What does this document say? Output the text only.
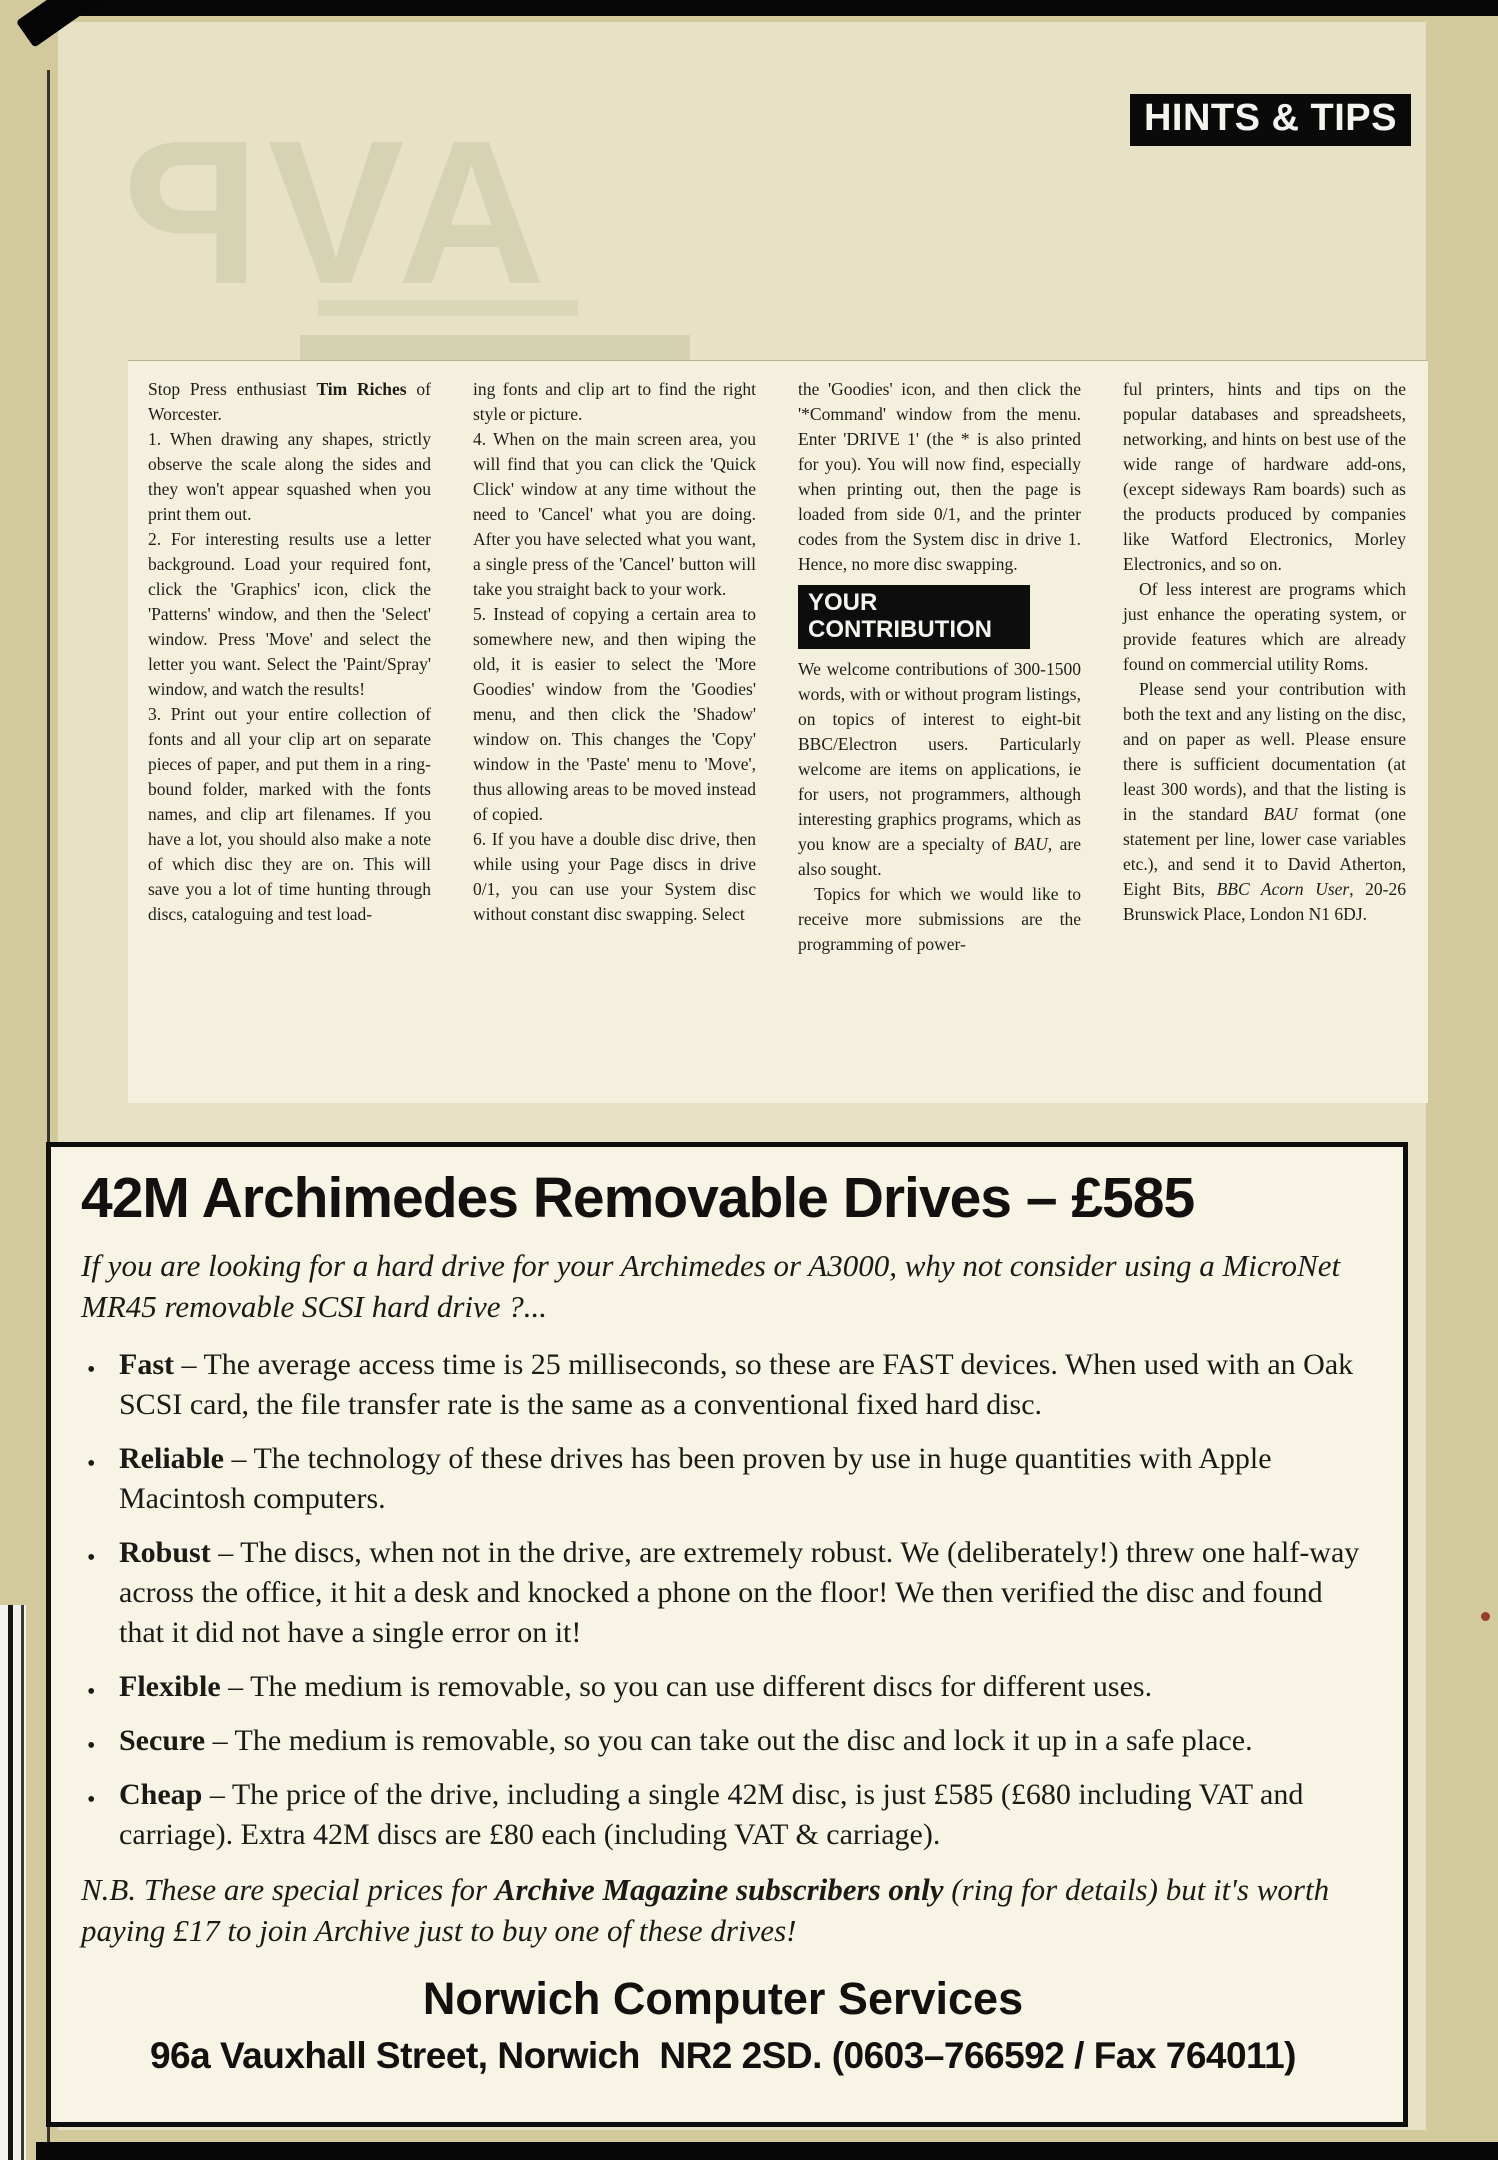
AVP	HINTS & TIPS

Stop Press enthusiast Tim Riches of Worcester.

1. When drawing any shapes, strictly observe the scale along the sides and they won't appear squashed when you print them out.

2. For interesting results use a letter background. Load your required font, click the 'Graphics' icon, click the 'Patterns' window, and then the 'Select' window. Press 'Move' and select the letter you want. Select the 'Paint/Spray' window, and watch the results!

3. Print out your entire collection of fonts and all your clip art on separate pieces of paper, and put them in a ring-bound folder, marked with the fonts names, and clip art filenames. If you have a lot, you should also make a note of which disc they are on. This will save you a lot of time hunting through discs, cataloguing and test load-

ing fonts and clip art to find the right style or picture.

4. When on the main screen area, you will find that you can click the 'Quick Click' window at any time without the need to 'Cancel' what you are doing. After you have selected what you want, a single press of the 'Cancel' button will take you straight back to your work.

5. Instead of copying a certain area to somewhere new, and then wiping the old, it is easier to select the 'More Goodies' window from the 'Goodies' menu, and then click the 'Shadow' window on. This changes the 'Copy' window in the 'Paste' menu to 'Move', thus allowing areas to be moved instead of copied.

6. If you have a double disc drive, then while using your Page discs in drive 0/1, you can use your System disc without constant disc swapping. Select

the 'Goodies' icon, and then click the '*Command' window from the menu. Enter 'DRIVE 1' (the * is also printed for you). You will now find, especially when printing out, then the page is loaded from side 0/1, and the printer codes from the System disc in drive 1. Hence, no more disc swapping.

YOUR
CONTRIBUTION

We welcome contributions of 300-1500 words, with or without program listings, on topics of interest to eight-bit BBC/Electron users. Particularly welcome are items on applications, ie for users, not programmers, although interesting graphics programs, which as you know are a specialty of BAU, are also sought.

Topics for which we would like to receive more submissions are the programming of power-

ful printers, hints and tips on the popular databases and spreadsheets, networking, and hints on best use of the wide range of hardware add-ons, (except sideways Ram boards) such as the products produced by companies like Watford Electronics, Morley Electronics, and so on.

Of less interest are programs which just enhance the operating system, or provide features which are already found on commercial utility Roms.

Please send your contribution with both the text and any listing on the disc, and on paper as well. Please ensure there is sufficient documentation (at least 300 words), and that the listing is in the standard BAU format (one statement per line, lower case variables etc.), and send it to David Atherton, Eight Bits, BBC Acorn User, 20-26 Brunswick Place, London N1 6DJ.

42M Archimedes Removable Drives – £585
If you are looking for a hard drive for your Archimedes or A3000, why not consider using a MicroNet MR45 removable SCSI hard drive ?...
• Fast – The average access time is 25 milliseconds, so these are FAST devices. When used with an Oak SCSI card, the file transfer rate is the same as a conventional fixed hard disc.
• Reliable – The technology of these drives has been proven by use in huge quantities with Apple Macintosh computers.
• Robust – The discs, when not in the drive, are extremely robust. We (deliberately!) threw one half-way across the office, it hit a desk and knocked a phone on the floor! We then verified the disc and found that it did not have a single error on it!
• Flexible – The medium is removable, so you can use different discs for different uses.
• Secure – The medium is removable, so you can take out the disc and lock it up in a safe place.
• Cheap – The price of the drive, including a single 42M disc, is just £585 (£680 including VAT and carriage). Extra 42M discs are £80 each (including VAT & carriage).
N.B. These are special prices for Archive Magazine subscribers only (ring for details) but it's worth paying £17 to join Archive just to buy one of these drives!
Norwich Computer Services
96a Vauxhall Street, Norwich  NR2 2SD. (0603–766592 / Fax 764011)
